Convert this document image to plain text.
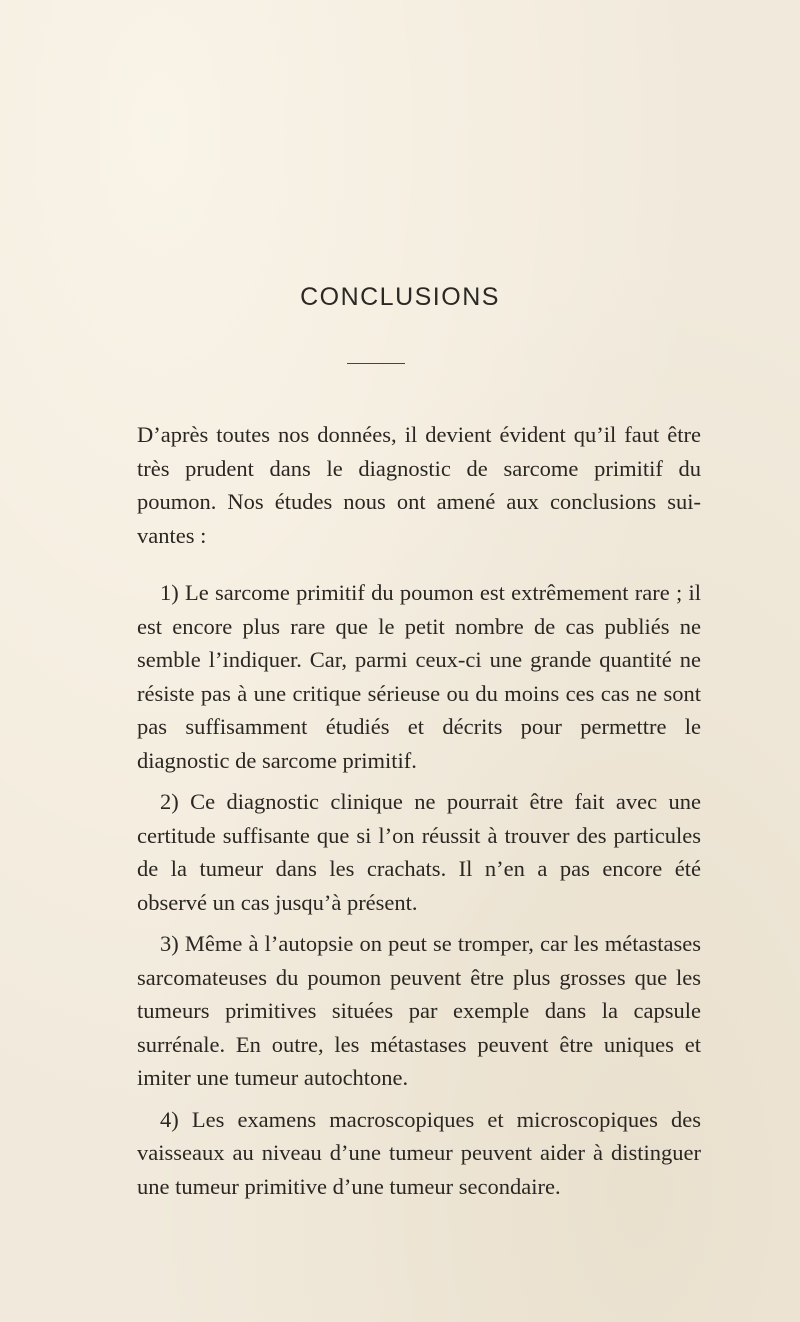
CONCLUSIONS

D’après toutes nos données, il devient évident qu’il faut être très prudent dans le diagnostic de sarcome primitif du poumon. Nos études nous ont amené aux conclusions suivantes :

1) Le sarcome primitif du poumon est extrêmement rare ; il est encore plus rare que le petit nombre de cas publiés ne semble l’indiquer. Car, parmi ceux-ci une grande quantité ne résiste pas à une critique sérieuse ou du moins ces cas ne sont pas suffisamment étudiés et décrits pour permettre le diagnostic de sarcome primitif.

2) Ce diagnostic clinique ne pourrait être fait avec une certitude suffisante que si l’on réussit à trouver des particules de la tumeur dans les crachats. Il n’en a pas encore été observé un cas jusqu’à présent.

3) Même à l’autopsie on peut se tromper, car les métastases sarcomateuses du poumon peuvent être plus grosses que les tumeurs primitives situées par exemple dans la capsule surrénale. En outre, les métastases peuvent être uniques et imiter une tumeur autochtone.

4) Les examens macroscopiques et microscopiques des vaisseaux au niveau d’une tumeur peuvent aider à distinguer une tumeur primitive d’une tumeur secondaire.
